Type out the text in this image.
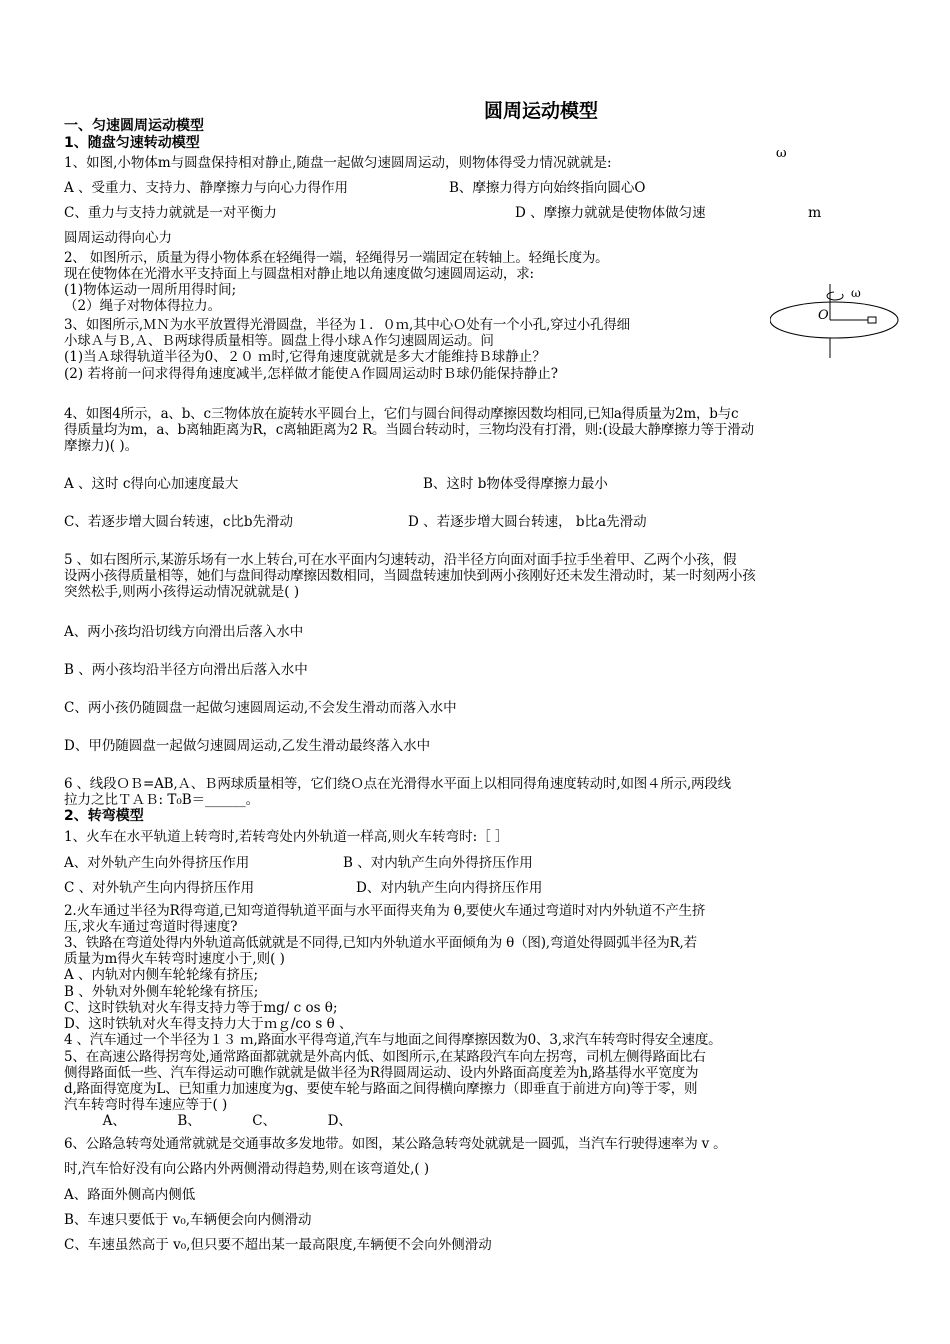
圆周运动模型
一、匀速圆周运动模型
1、随盘匀速转动模型
ω
m
1、如图,小物体m与圆盘保持相对静止,随盘一起做匀速圆周运动，则物体得受力情况就就是:
A 、受重力、支持力、静摩擦力与向心力得作用	B、摩擦力得方向始终指向圆心O
C、重力与支持力就就是一对平衡力	D 、摩擦力就就是使物体做匀速
圆周运动得向心力
2、 如图所示，质量为得小物体系在轻绳得一端，轻绳得另一端固定在转轴上。轻绳长度为。
现在使物体在光滑水平支持面上与圆盘相对静止地以角速度做匀速圆周运动，求:
(1)物体运动一周所用得时间;
（2）绳子对物体得拉力。
ω
O
3、如图所示,ＭＮ为水平放置得光滑圆盘，半径为１．０ｍ,其中心Ｏ处有一个小孔,穿过小孔得细
小球Ａ与Ｂ,Ａ、Ｂ两球得质量相等。圆盘上得小球Ａ作匀速圆周运动。问
(1)当Ａ球得轨道半径为0、２０ ｍ时,它得角速度就就是多大才能维持Ｂ球静止？
(2) 若将前一问求得得角速度减半,怎样做才能使Ａ作圆周运动时Ｂ球仍能保持静止?
4、如图4所示，a、b、c三物体放在旋转水平圆台上，它们与圆台间得动摩擦因数均相同,已知a得质量为2m，b与c
得质量均为m，a、b离轴距离为R，c离轴距离为2 R。当圆台转动时，三物均没有打滑，则:(设最大静摩擦力等于滑动
摩擦力)( )。
A 、这时 c得向心加速度最大	B、这时 b物体受得摩擦力最小
C、若逐步增大圆台转速，c比b先滑动	D 、若逐步增大圆台转速， b比a先滑动
5 、如右图所示,某游乐场有一水上转台,可在水平面内匀速转动，沿半径方向面对面手拉手坐着甲、乙两个小孩，假
设两小孩得质量相等，她们与盘间得动摩擦因数相同，当圆盘转速加快到两小孩刚好还未发生滑动时，某一时刻两小孩
突然松手,则两小孩得运动情况就就是( )
A、两小孩均沿切线方向滑出后落入水中
B 、两小孩均沿半径方向滑出后落入水中
C、两小孩仍随圆盘一起做匀速圆周运动,不会发生滑动而落入水中
D、甲仍随圆盘一起做匀速圆周运动,乙发生滑动最终落入水中
6 、线段ＯＢ=AB,Ａ、Ｂ两球质量相等，它们绕Ｏ点在光滑得水平面上以相同得角速度转动时,如图４所示,两段线
拉力之比ＴＡＢ: T₀B＝______。
2、转弯模型
1、火车在水平轨道上转弯时,若转弯处内外轨道一样高,则火车转弯时:［ ］
A、对外轨产生向外得挤压作用	B 、对内轨产生向外得挤压作用
C 、对外轨产生向内得挤压作用	D、对内轨产生向内得挤压作用
2.火车通过半径为R得弯道,已知弯道得轨道平面与水平面得夹角为 θ,要使火车通过弯道时对内外轨道不产生挤
压,求火车通过弯道时得速度?
3、铁路在弯道处得内外轨道高低就就是不同得,已知内外轨道水平面倾角为 θ（图),弯道处得圆弧半径为R,若
质量为m得火车转弯时速度小于,则( )
A 、内轨对内侧车轮轮缘有挤压;
B 、外轨对外侧车轮轮缘有挤压;
C、这时铁轨对火车得支持力等于mg/ c os θ;
D、这时铁轨对火车得支持力大于ｍｇ/co s θ 、
4 、汽车通过一个半径为１３ ｍ,路面水平得弯道,汽车与地面之间得摩擦因数为0、3,求汽车转弯时得安全速度。
5、在高速公路得拐弯处,通常路面都就就是外高内低、如图所示,在某路段汽车向左拐弯，司机左侧得路面比右
侧得路面低一些、汽车得运动可瞧作就就是做半径为R得圆周运动、设内外路面高度差为h,路基得水平宽度为
d,路面得宽度为L、已知重力加速度为g、要使车轮与路面之间得横向摩擦力（即垂直于前进方向)等于零，则
汽车转弯时得车速应等于( )
A、            B、            C、            D、
6、公路急转弯处通常就就是交通事故多发地带。如图，某公路急转弯处就就是一圆弧，当汽车行驶得速率为 v 。
时,汽车恰好没有向公路内外两侧滑动得趋势,则在该弯道处,( )
A、路面外侧高内侧低
B、车速只要低于 v₀,车辆便会向内侧滑动
C、车速虽然高于 v₀,但只要不超出某一最高限度,车辆便不会向外侧滑动
